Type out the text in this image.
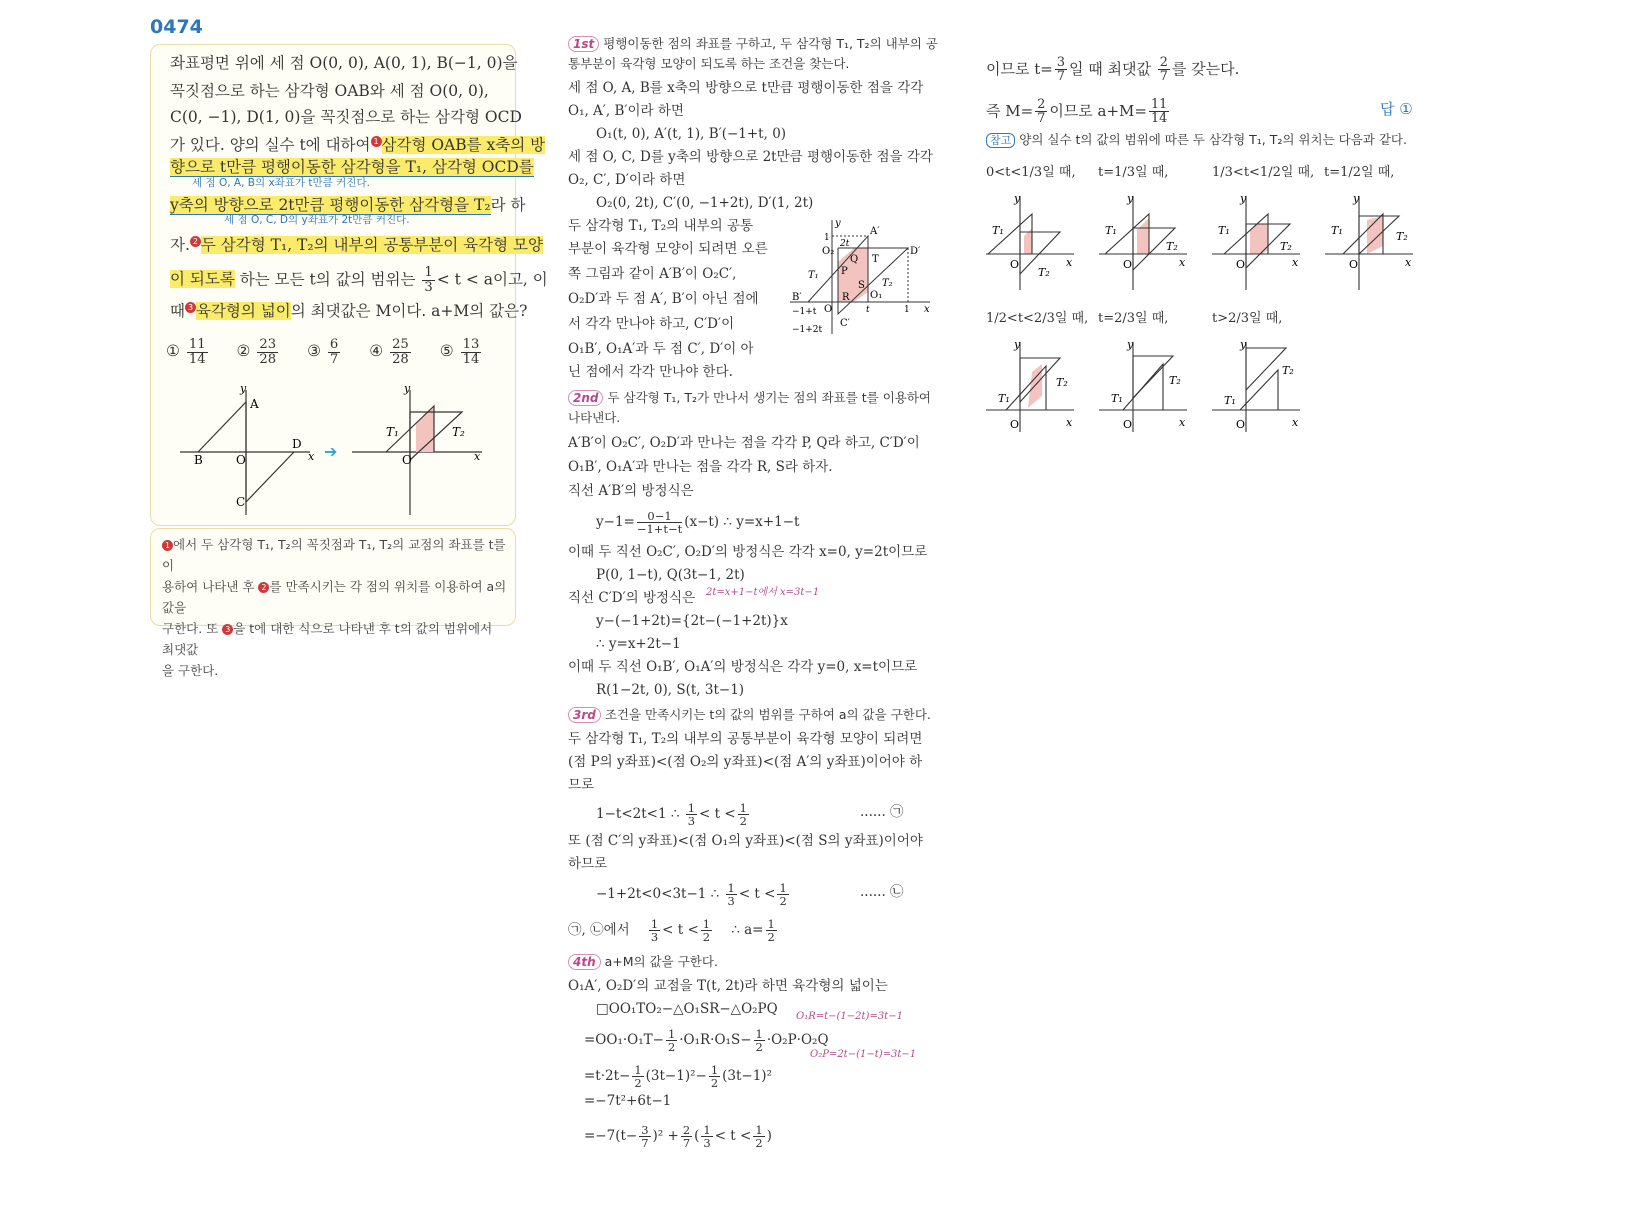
0474
좌표평면 위에 세 점 O(0, 0), A(0, 1), B(−1, 0)을
꼭짓점으로 하는 삼각형 OAB와 세 점 O(0, 0),
C(0, −1), D(1, 0)을 꼭짓점으로 하는 삼각형 OCD
가 있다. 양의 실수 t에 대하여 1 삼각형 OAB를 x축의 방
향으로 t만큼 평행이동한 삼각형을 T₁, 삼각형 OCD를
세 점 O, A, B의 x좌표가 t만큼 커진다.
y축의 방향으로 2t만큼 평행이동한 삼각형을 T₂라 하
세 점 O, C, D의 y좌표가 2t만큼 커진다.
자. 2 두 삼각형 T₁, T₂의 내부의 공통부분이 육각형 모양
이 되도록 하는 모든 t의 값의 범위는 $\frac{1}{3} < t < a$이고, 이
때 3 육각형의 넓이의 최댓값은 M이다. a+M의 값은?
① $\frac{11}{14}$ ② $\frac{23}{28}$ ③ $\frac{6}{7}$ ④ $\frac{25}{28}$ ⑤ $\frac{13}{14}$
A
B
C
D
O	x
y
➔
T₁	T₂
O	x
y
1 에서 두 삼각형 T₁, T₂의 꼭짓점과 T₁, T₂의 교점의 좌표를 t를 이
용하여 나타낸 후 2 를 만족시키는 각 점의 위치를 이용하여 a의 값을
구한다. 또 3 을 t에 대한 식으로 나타낸 후 t의 값의 범위에서 최댓값
을 구한다.
1st 평행이동한 점의 좌표를 구하고, 두 삼각형 T₁, T₂의 내부의 공
통부분이 육각형 모양이 되도록 하는 조건을 찾는다.
세 점 O, A, B를 x축의 방향으로 t만큼 평행이동한 점을 각각
O₁, A′, B′이라 하면
O₁(t, 0), A′(t, 1), B′(−1+t, 0)
세 점 O, C, D를 y축의 방향으로 2t만큼 평행이동한 점을 각각
O₂, C′, D′이라 하면
O₂(0, 2t), C′(0, −1+2t), D′(1, 2t)
두 삼각형 T₁, T₂의 내부의 공통
부분이 육각형 모양이 되려면 오른
쪽 그림과 같이 A′B′이 O₂C′,
O₂D′과 두 점 A′, B′이 아닌 점에
서 각각 만나야 하고, C′D′이
O₁B′, O₁A′과 두 점 C′, D′이 아
닌 점에서 각각 만나야 한다.
2nd 두 삼각형 T₁, T₂가 만나서 생기는 점의 좌표를 t를 이용하여
나타낸다.
A′B′이 O₂C′, O₂D′과 만나는 점을 각각 P, Q라 하고, C′D′이
O₁B′, O₁A′과 만나는 점을 각각 R, S라 하자.
직선 A′B′의 방정식은
$y-1= \frac{0-1}{-1+t-t} (x-t)$ ∴ y=x+1−t
이때 두 직선 O₂C′, O₂D′의 방정식은 각각 x=0, y=2t이므로
P(0, 1−t), Q(3t−1, 2t)
2t=x+1−t에서 x=3t−1
직선 C′D′의 방정식은
y−(−1+2t)={2t−(−1+2t)}x
∴ y=x+2t−1
이때 두 직선 O₁B′, O₁A′의 방정식은 각각 y=0, x=t이므로
R(1−2t, 0), S(t, 3t−1)
3rd 조건을 만족시키는 t의 값의 범위를 구하여 a의 값을 구한다.
두 삼각형 T₁, T₂의 내부의 공통부분이 육각형 모양이 되려면
(점 P의 y좌표)<(점 O₂의 y좌표)<(점 A′의 y좌표)이어야 하
므로
1−t<2t<1 ∴ $\frac{1}{3} < t < \frac{1}{2}$	...... ㉠
또 (점 C′의 y좌표)<(점 O₁의 y좌표)<(점 S의 y좌표)이어야
하므로
−1+2t<0<3t−1 ∴ $\frac{1}{3} < t < \frac{1}{2}$	...... ㉡
㉠, ㉡에서 $\frac{1}{3} < t < \frac{1}{2}$ ∴ $a= \frac{1}{2}$
4th a+M의 값을 구한다.
O₁A′, O₂D′의 교점을 T(t, 2t)라 하면 육각형의 넓이는
□OO₁TO₂−△O₁SR−△O₂PQ O₁R=t−(1−2t)=3t−1
$=OO_1\cdot O_1T- \frac{1}{2} \cdot O_1R\cdot O_1S- \frac{1}{2} \cdot O_2P\cdot O_2Q$
O₂P=2t−(1−t)=3t−1
$=t\cdot 2t- \frac{1}{2} (3t-1)^2- \frac{1}{2} (3t-1)^2$
=−7t²+6t−1
$=-7(t- \frac{3}{7} )^2 + \frac{2}{7}$ ( $\frac{1}{3} < t < \frac{1}{2}$ )
y
x
A′
D′
B′
C′
O₂
O₁
O
P
Q
R
S
T
T₁
T₂
1
2t
t	1
−1+t
−1+2t
이므로 $t= \frac{3}{7}$ 일 때 최댓값 $\frac{2}{7}$ 를 갖는다.
즉 $M= \frac{2}{7}$ 이므로 $a+M= \frac{11}{14}$	답 ①
참고 양의 실수 t의 값의 범위에 따른 두 삼각형 T₁, T₂의 위치는 다음과 같다.
0<t<1/3일 때, t=1/3일 때,	1/3<t<1/2일 때, t=1/2일 때,
1/2<t<2/3일 때, t=2/3일 때,	t>2/3일 때,
T₁
T₂
O	x
y
T₁
T₂
O	x
y
T₁
T₂
O	x
y
T₁	T₂
O	x
y
T₁
T₂
O	x
y
T₁
T₂
O	x
y
T₁
T₂
O	x
y
